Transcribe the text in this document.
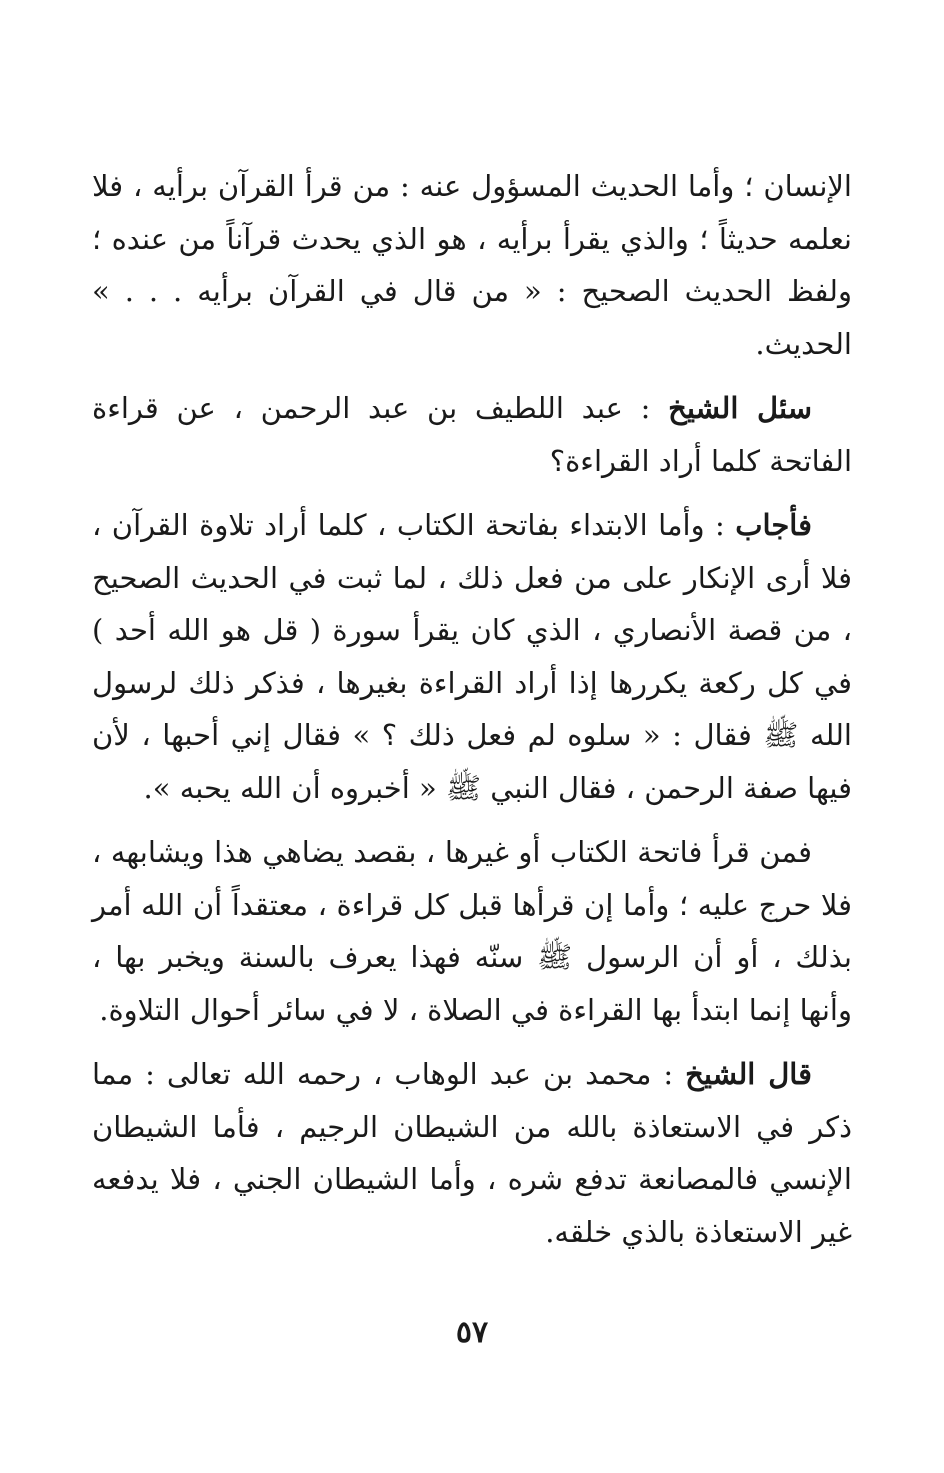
الإنسان ؛ وأما الحديث المسؤول عنه : من قرأ القرآن برأيه ، فلا نعلمه حديثاً ؛ والذي يقرأ برأيه ، هو الذي يحدث قرآناً من عنده ؛ ولفظ الحديث الصحيح : « من قال في القرآن برأيه . . . » الحديث.

سئل الشيخ : عبد اللطيف بن عبد الرحمن ، عن قراءة الفاتحة كلما أراد القراءة؟

فأجاب : وأما الابتداء بفاتحة الكتاب ، كلما أراد تلاوة القرآن ، فلا أرى الإنكار على من فعل ذلك ، لما ثبت في الحديث الصحيح ، من قصة الأنصاري ، الذي كان يقرأ سورة ( قل هو الله أحد ) في كل ركعة يكررها إذا أراد القراءة بغيرها ، فذكر ذلك لرسول الله ﷺ فقال : « سلوه لم فعل ذلك ؟ » فقال إني أحبها ، لأن فيها صفة الرحمن ، فقال النبي ﷺ « أخبروه أن الله يحبه ».

فمن قرأ فاتحة الكتاب أو غيرها ، بقصد يضاهي هذا ويشابهه ، فلا حرج عليه ؛ وأما إن قرأها قبل كل قراءة ، معتقداً أن الله أمر بذلك ، أو أن الرسول ﷺ سنّه فهذا يعرف بالسنة ويخبر بها ، وأنها إنما ابتدأ بها القراءة في الصلاة ، لا في سائر أحوال التلاوة.

قال الشيخ : محمد بن عبد الوهاب ، رحمه الله تعالى : مما ذكر في الاستعاذة بالله من الشيطان الرجيم ، فأما الشيطان الإنسي فالمصانعة تدفع شره ، وأما الشيطان الجني ، فلا يدفعه غير الاستعاذة بالذي خلقه.

٥٧
